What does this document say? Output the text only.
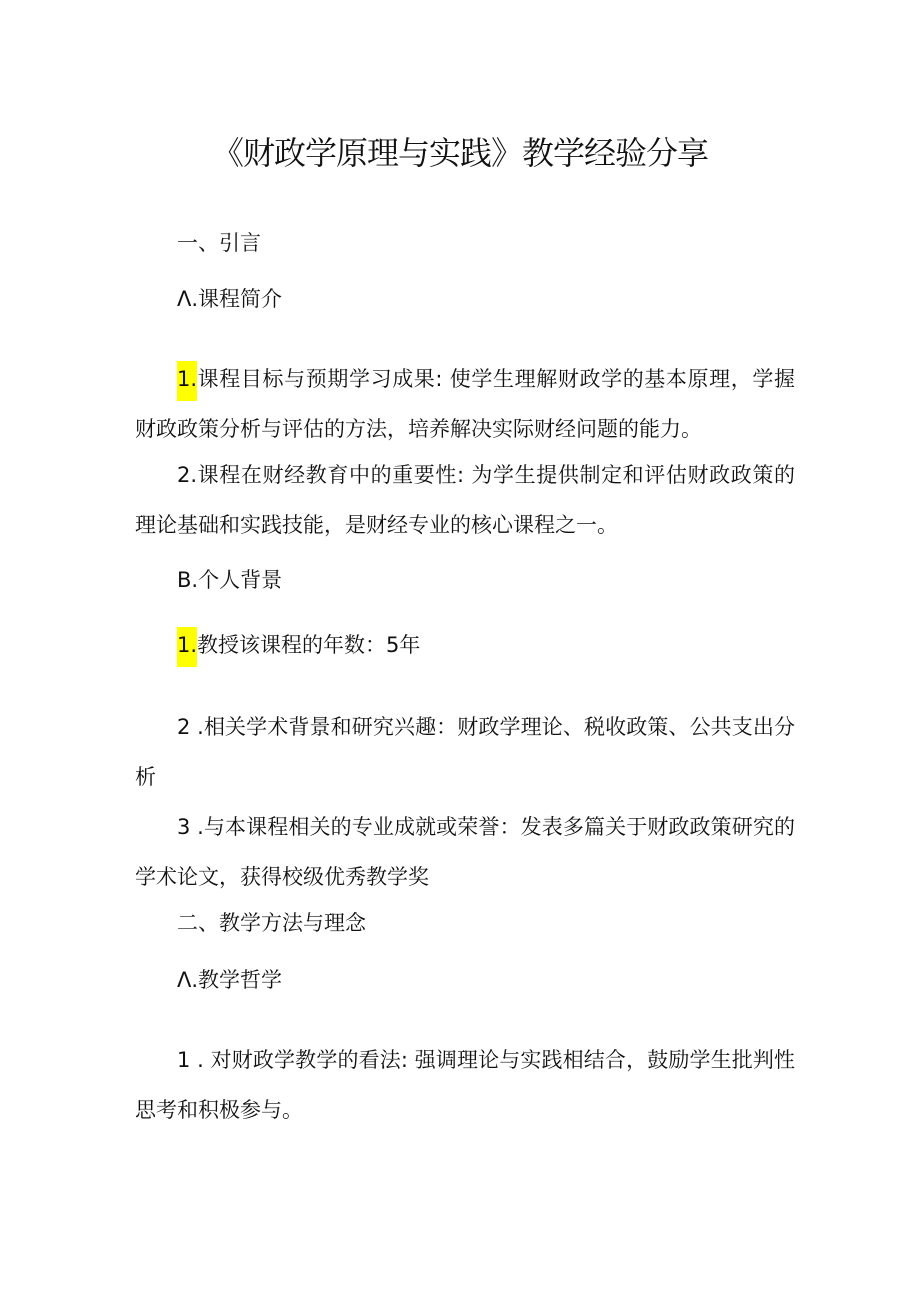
《财政学原理与实践》教学经验分享
一、引言
Λ.课程简介
1.课程目标与预期学习成果: 使学生理解财政学的基本原理，学握财政政策分析与评估的方法，培养解决实际财经问题的能力。
2.课程在财经教育中的重要性: 为学生提供制定和评估财政政策的理论基础和实践技能，是财经专业的核心课程之一。
B.个人背景
1.教授该课程的年数：5年
2 .相关学术背景和研究兴趣：财政学理论、税收政策、公共支出分析
3 .与本课程相关的专业成就或荣誉：发表多篇关于财政政策研究的学术论文，获得校级优秀教学奖
二、教学方法与理念
Λ.教学哲学
1 . 对财政学教学的看法: 强调理论与实践相结合，鼓励学生批判性思考和积极参与。
